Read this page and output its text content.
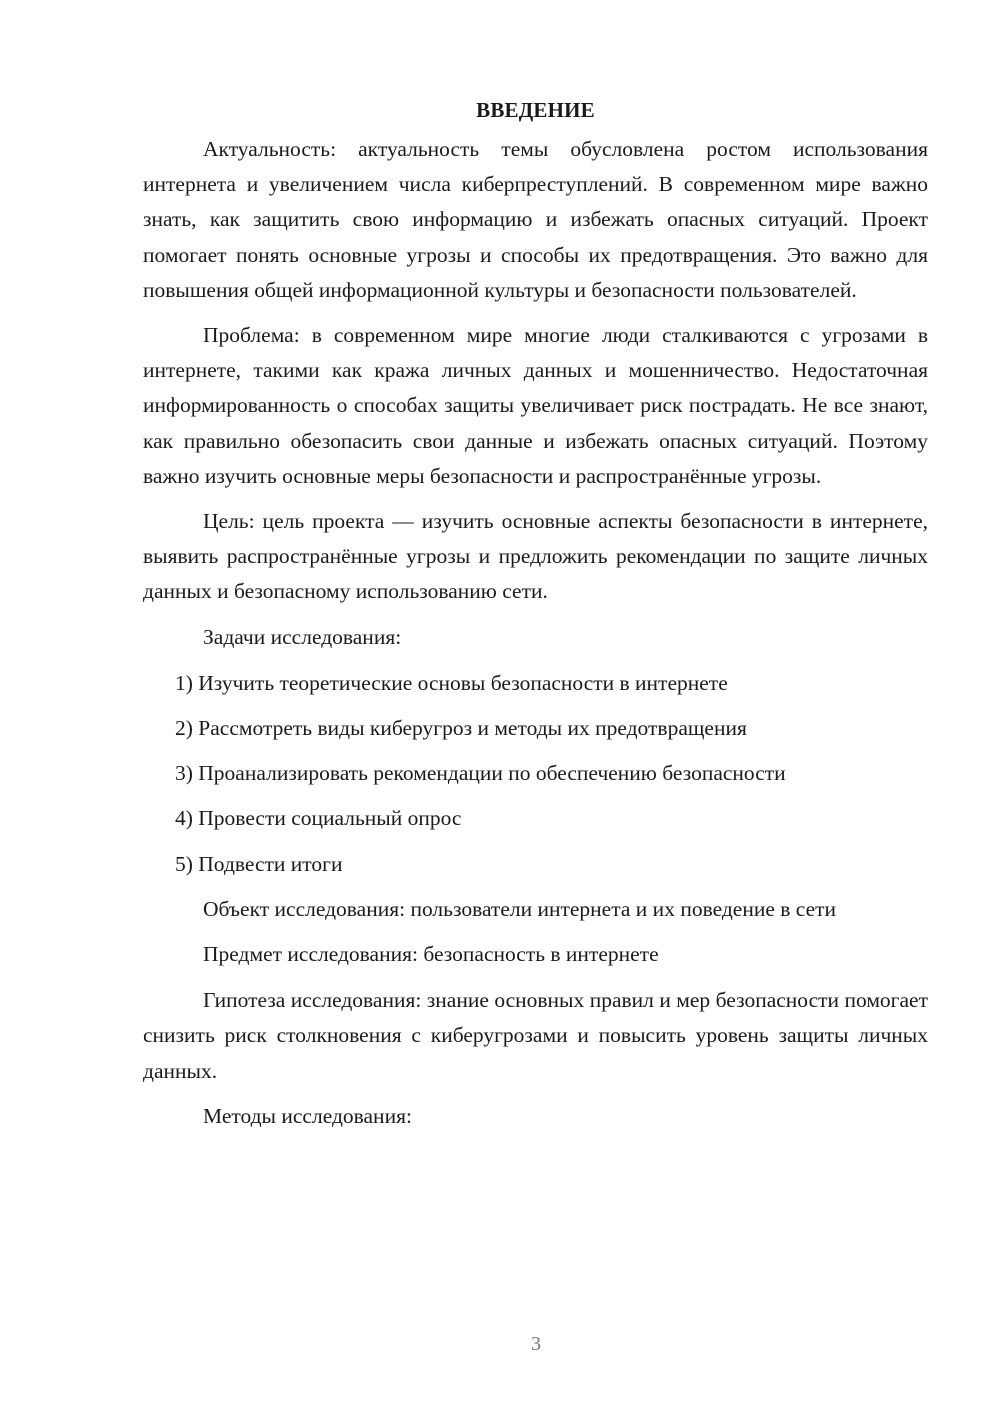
ВВЕДЕНИЕ

Актуальность: актуальность темы обусловлена ростом использования интернета и увеличением числа киберпреступлений. В современном мире важно знать, как защитить свою информацию и избежать опасных ситуаций. Проект помогает понять основные угрозы и способы их предотвращения. Это важно для повышения общей информационной культуры и безопасности пользователей.

Проблема: в современном мире многие люди сталкиваются с угрозами в интернете, такими как кража личных данных и мошенничество. Недостаточная информированность о способах защиты увеличивает риск пострадать. Не все знают, как правильно обезопасить свои данные и избежать опасных ситуаций. Поэтому важно изучить основные меры безопасности и распространённые угрозы.

Цель: цель проекта — изучить основные аспекты безопасности в интернете, выявить распространённые угрозы и предложить рекомендации по защите личных данных и безопасному использованию сети.

Задачи исследования:

1) Изучить теоретические основы безопасности в интернете
2) Рассмотреть виды киберугроз и методы их предотвращения
3) Проанализировать рекомендации по обеспечению безопасности
4) Провести социальный опрос
5) Подвести итоги

Объект исследования: пользователи интернета и их поведение в сети

Предмет исследования: безопасность в интернете

Гипотеза исследования: знание основных правил и мер безопасности помогает снизить риск столкновения с киберугрозами и повысить уровень защиты личных данных.

Методы исследования:

3
